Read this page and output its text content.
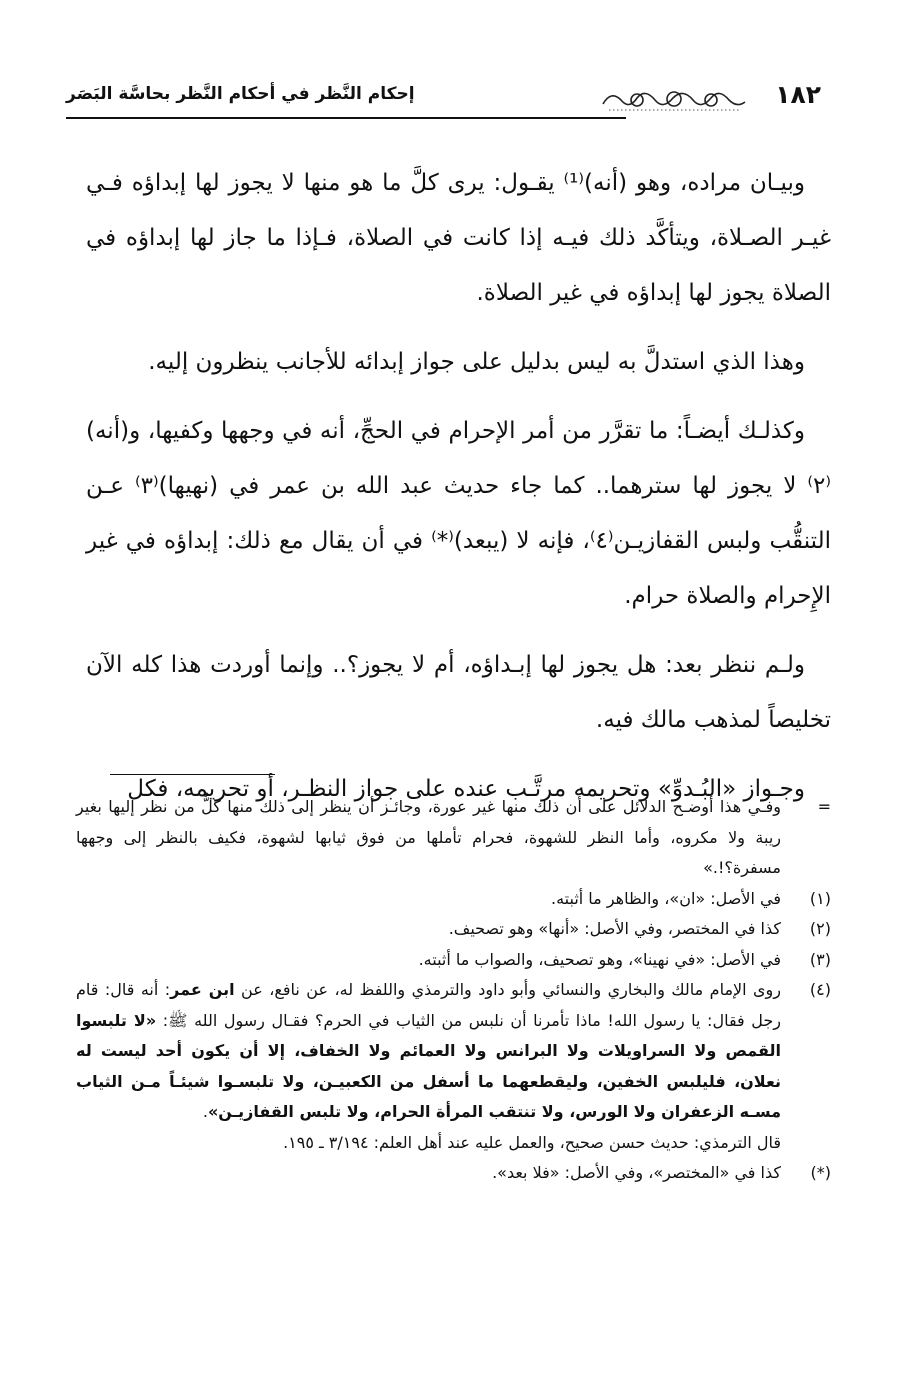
١٨٢
إحكام النَّظر في أحكام النَّظر بحاسَّة البَصَر

وبيـان مراده، وهو (أنه)⁽¹⁾ يقـول: يرى كلَّ ما هو منها لا يجوز لها إبداؤه فـي غيـر الصـلاة، ويتأكَّد ذلك فيـه إذا كانت في الصلاة، فـإذا ما جاز لها إبداؤه في الصلاة يجوز لها إبداؤه في غير الصلاة.

وهذا الذي استدلَّ به ليس بدليل على جواز إبدائه للأجانب ينظرون إليه.

وكذلـك أيضـاً: ما تقرَّر من أمر الإحرام في الحجِّ، أنه في وجهها وكفيها، و(أنه)⁽٢⁾ لا يجوز لها سترهما.. كما جاء حديث عبد الله بن عمر في (نهيها)⁽٣⁾ عـن التنقُّب ولبس القفازيـن⁽٤⁾، فإنه لا (يبعد)⁽*⁾ في أن يقال مع ذلك: إبداؤه في غير الإِحرام والصلاة حرام.

ولـم ننظر بعد: هل يجوز لها إبـداؤه، أم لا يجوز؟.. وإنما أوردت هذا كله الآن تخليصاً لمذهب مالك فيه.

وجـواز «البُـدوِّ» وتحريمه مرتَّـب عنده على جواز النظـر، أو تحريمه، فكل

=
وفـي هذا أوضـح الدلائل على أن ذلك منها غير عورة، وجائـز أن ينظر إلى ذلك منها كلٌّ من نظر إليها بغير ريبة ولا مكروه، وأما النظر للشهوة، فحرام تأملها من فوق ثيابها لشهوة، فكيف بالنظر إلى وجهها مسفرة؟!.»
(١)
في الأصل: «ان»، والظاهر ما أثبته.
(٢)
كذا في المختصر، وفي الأصل: «أنها» وهو تصحيف.
(٣)
في الأصل: «في نهينا»، وهو تصحيف، والصواب ما أثبته.
(٤)
روى الإمام مالك والبخاري والنسائي وأبو داود والترمذي واللفظ له، عن نافع، عن ابن عمر: أنه قال: قام رجل فقال: يا رسول الله! ماذا تأمرنا أن نلبس من الثياب في الحرم؟ فقـال رسول الله ﷺ: «لا تلبسوا القمص ولا السراويلات ولا البرانس ولا العمائم ولا الخفاف، إلا أن يكون أحد ليست له نعلان، فليلبس الخفين، وليقطعهما ما أسفل من الكعبيـن، ولا تلبسـوا شيئـاً مـن الثياب مسـه الزعفران ولا الورس، ولا تنتقب المرأة الحرام، ولا تلبس القفازيـن».
قال الترمذي: حديث حسن صحيح، والعمل عليه عند أهل العلم: ٣/١٩٤ ـ ١٩٥.
(*)
كذا في «المختصر»، وفي الأصل: «فلا بعد».
